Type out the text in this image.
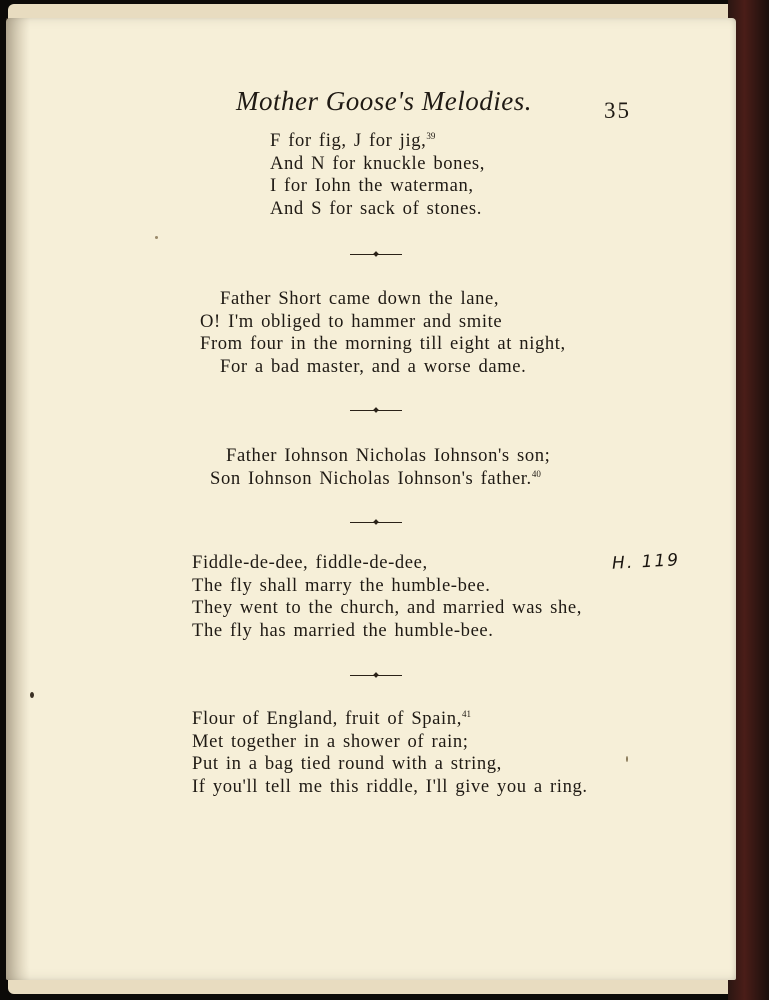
Mother Goose's Melodies.	35
F for fig, J for jig,$^{39}$
And N for knuckle bones,
I for Iohn the waterman,
And S for sack of stones.
Father Short came down the lane,
O! I'm obliged to hammer and smite
From four in the morning till eight at night,
For a bad master, and a worse dame.
Father Iohnson Nicholas Iohnson's son;
Son Iohnson Nicholas Iohnson's father.$^{40}$
Fiddle-de-dee, fiddle-de-dee,
The fly shall marry the humble-bee.
They went to the church, and married was she,
The fly has married the humble-bee.
H. 119
Flour of England, fruit of Spain,$^{41}$
Met together in a shower of rain;
Put in a bag tied round with a string,
If you'll tell me this riddle, I'll give you a ring.
